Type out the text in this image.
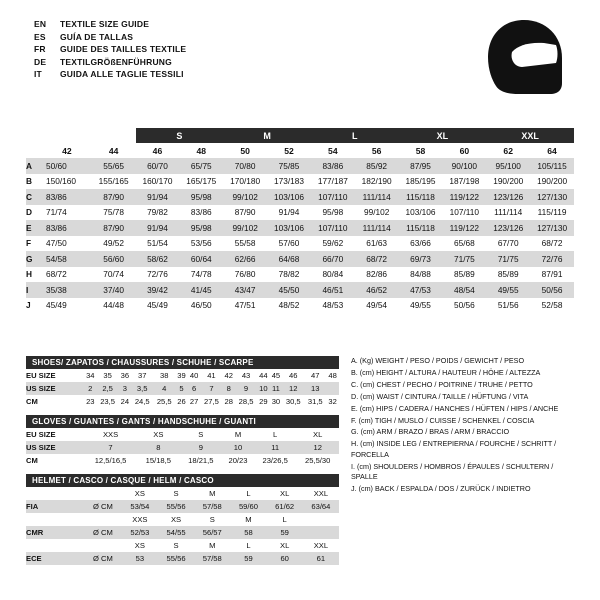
EN	TEXTILE SIZE GUIDE
ES	GUÍA DE TALLAS
FR	GUIDE DES TAILLES TEXTILE
DE	TEXTILGRÖßENFÜHRUNG
IT	GUIDA ALLE TAGLIE TESSILI
			S		M		L		XL		XXL	
	42	44	46	48	50	52	54	56	58	60	62	64
A	50/60	55/65	60/70	65/75	70/80	75/85	83/86	85/92	87/95	90/100	95/100	105/115
B	150/160	155/165	160/170	165/175	170/180	173/183	177/187	182/190	185/195	187/198	190/200	190/200
C	83/86	87/90	91/94	95/98	99/102	103/106	107/110	111/114	115/118	119/122	123/126	127/130
D	71/74	75/78	79/82	83/86	87/90	91/94	95/98	99/102	103/106	107/110	111/114	115/119
E	83/86	87/90	91/94	95/98	99/102	103/106	107/110	111/114	115/118	119/122	123/126	127/130
F	47/50	49/52	51/54	53/56	55/58	57/60	59/62	61/63	63/66	65/68	67/70	68/72
G	54/58	56/60	58/62	60/64	62/66	64/68	66/70	68/72	69/73	71/75	71/75	72/76
H	68/72	70/74	72/76	74/78	76/80	78/82	80/84	82/86	84/88	85/89	85/89	87/91
I	35/38	37/40	39/42	41/45	43/47	45/50	46/51	46/52	47/53	48/54	49/55	50/56
J	45/49	44/48	45/49	46/50	47/51	48/52	48/53	49/54	49/55	50/56	51/56	52/58
SHOES/ ZAPATOS / CHAUSSURES / SCHUHE / SCARPE															
EU SIZE	34	35	36	37	38	39	40	41	42	43	44	45	46	47	48
US SIZE	2	2,5	3	3,5	4	5	6	7	8	9	10	11	12	13	
CM	23	23,5	24	24,5	25,5	26	27	27,5	28	28,5	29	30	30,5	31,5	32
GLOVES / GUANTES / GANTS / HANDSCHUHE / GUANTI						
EU SIZE	XXS	XS	S	M	L	XL
US SIZE	7	8	9	10	11	12
CM	12,5/16,5	15/18,5	18/21,5	20/23	23/26,5	25,5/30
HELMET / CASCO / CASQUE / HELM / CASCO							
		XS	S	M	L	XL	XXL
FIA	Ø CM	53/54	55/56	57/58	59/60	61/62	63/64
		XXS	XS	S	M	L	
CMR	Ø CM	52/53	54/55	56/57	58	59	
		XS	S	M	L	XL	XXL
ECE	Ø CM	53	55/56	57/58	59	60	61
A. (Kg) WEIGHT / PESO / POIDS / GEWICHT / PESO
B. (cm) HEIGHT / ALTURA / HAUTEUR / HÖHE / ALTEZZA
C. (cm) CHEST / PECHO / POITRINE / TRUHE / PETTO
D. (cm) WAIST / CINTURA / TAILLE / HÜFTUNG / VITA
E. (cm) HIPS / CADERA / HANCHES / HÜFTEN / HIPS / ANCHE
F. (cm) TIGH / MUSLO / CUISSE / SCHENKEL / COSCIA
G. (cm) ARM / BRAZO / BRAS / ARM / BRACCIO
H. (cm) INSIDE LEG / ENTREPIERNA / FOURCHE / SCHRITT / FORCELLA
I. (cm) SHOULDERS / HOMBROS / ÉPAULES / SCHULTERN / SPALLE
J. (cm) BACK / ESPALDA / DOS / ZURÜCK / INDIETRO
